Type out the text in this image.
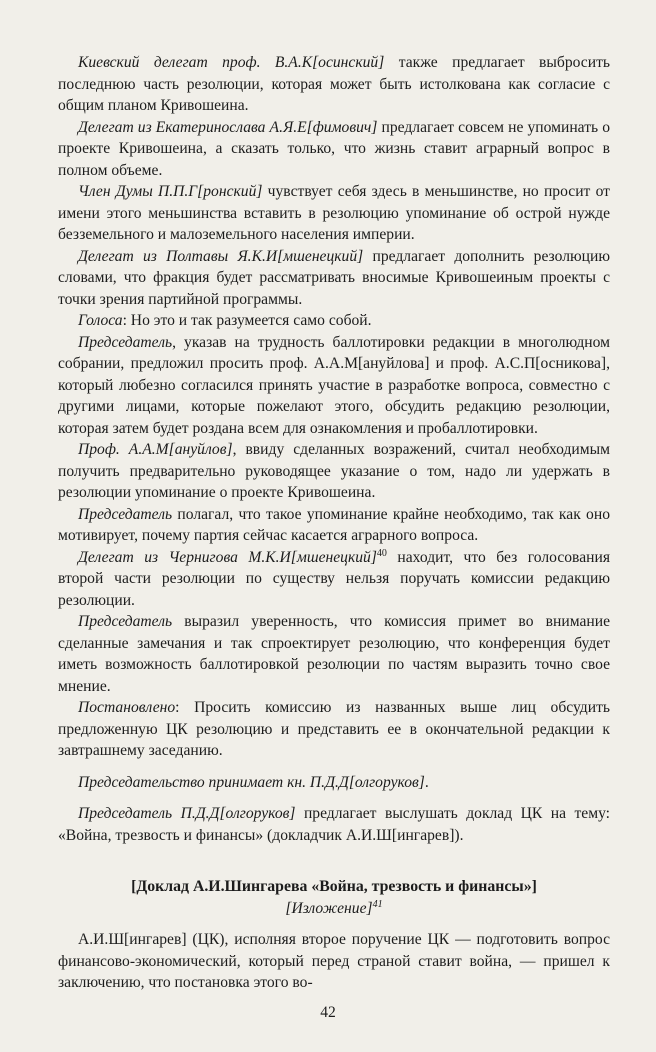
Киевский делегат проф. В.А.К[осинский] также предлагает выбросить последнюю часть резолюции, которая может быть истолкована как согласие с общим планом Кривошеина.

Делегат из Екатеринослава А.Я.Е[фимович] предлагает совсем не упоминать о проекте Кривошеина, а сказать только, что жизнь ставит аграрный вопрос в полном объеме.

Член Думы П.П.Г[ронский] чувствует себя здесь в меньшинстве, но просит от имени этого меньшинства вставить в резолюцию упоминание об острой нужде безземельного и малоземельного населения империи.

Делегат из Полтавы Я.К.И[мшенецкий] предлагает дополнить резолюцию словами, что фракция будет рассматривать вносимые Кривошеиным проекты с точки зрения партийной программы.

Голоса: Но это и так разумеется само собой.

Председатель, указав на трудность баллотировки редакции в многолюдном собрании, предложил просить проф. А.А.М[ануйлова] и проф. А.С.П[осникова], который любезно согласился принять участие в разработке вопроса, совместно с другими лицами, которые пожелают этого, обсудить редакцию резолюции, которая затем будет роздана всем для ознакомления и пробаллотировки.

Проф. А.А.М[ануйлов], ввиду сделанных возражений, считал необходимым получить предварительно руководящее указание о том, надо ли удержать в резолюции упоминание о проекте Кривошеина.

Председатель полагал, что такое упоминание крайне необходимо, так как оно мотивирует, почему партия сейчас касается аграрного вопроса.

Делегат из Чернигова М.К.И[мшенецкий]$^{40}$ находит, что без голосования второй части резолюции по существу нельзя поручать комиссии редакцию резолюции.

Председатель выразил уверенность, что комиссия примет во внимание сделанные замечания и так спроектирует резолюцию, что конференция будет иметь возможность баллотировкой резолюции по частям выразить точно свое мнение.

Постановлено: Просить комиссию из названных выше лиц обсудить предложенную ЦК резолюцию и представить ее в окончательной редакции к завтрашнему заседанию.

Председательство принимает кн. П.Д.Д[олгоруков].

Председатель П.Д.Д[олгоруков] предлагает выслушать доклад ЦК на тему: «Война, трезвость и финансы» (докладчик А.И.Ш[ингарев]).

[Доклад А.И.Шингарева «Война, трезвость и финансы»]
[Изложение]$^{41}$

А.И.Ш[ингарев] (ЦК), исполняя второе поручение ЦК — подготовить вопрос финансово-экономический, который перед страной ставит война, — пришел к заключению, что постановка этого во-

42
